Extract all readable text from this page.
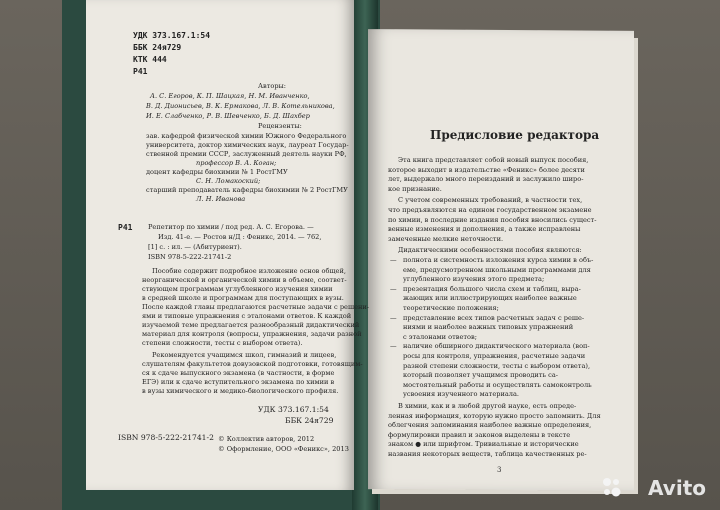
УДК 373.167.1:54
ББК 24я729
КТК 444
Р41
Авторы:
А. С. Егоров, К. П. Шацкая, Н. М. Иванченко,
В. Д. Дионисьев, В. К. Ермакова, Л. В. Котельникова,
И. Е. Слабченко, Р. В. Шевченко, Б. Д. Шахбер
Рецензенты:
зав. кафедрой физической химии Южного Федерального
университета, доктор химических наук, лауреат Государ-
ственной премии СССР, заслуженный деятель науки РФ,
профессор В. А. Коган;
доцент кафедры биохимии № 1 РостГМУ
С. Н. Ломакоский;
старший преподаватель кафедры биохимии № 2 РостГМУ
Л. Н. Иванова
Р41 Репетитор по химии / под ред. А. С. Егорова. —
Изд. 41-е. — Ростов н/Д : Феникс, 2014. — 762,
[1] с. : ил. — (Абитуриент).
ISBN 978-5-222-21741-2
Пособие содержит подробное изложение основ общей,
неорганической и органической химии в объеме, соответ-
ствующем программам углубленного изучения химии
в средней школе и программам для поступающих в вузы.
После каждой главы предлагаются расчетные задачи с решени-
ями и типовые упражнения с эталонами ответов. К каждой
изучаемой теме предлагается разнообразный дидактический
материал для контроля (вопросы, упражнения, задачи разной
степени сложности, тесты с выбором ответа).
Рекомендуется учащимся школ, гимназий и лицеев,
слушателям факультетов довузовской подготовки, готовящим-
ся к сдаче выпускного экзамена (в частности, в форме
ЕГЭ) или к сдаче вступительного экзамена по химии в
в вузы химического и медико-биологического профиля.
УДК 373.167.1:54
ББК 24я729
ISBN 978-5-222-21741-2 © Коллектив авторов, 2012
© Оформление, ООО «Феникс», 2013
Предисловие редактора
Эта книга представляет собой новый выпуск пособия,
которое выходит в издательстве «Феникс» более десяти
лет, выдержало много переизданий и заслужило широ-
кое признание.
С учетом современных требований, в частности тех,
что предъявляются на едином государственном экзамене
по химии, в последние издания пособия вносились сущест-
венные изменения и дополнения, а также исправлены
замеченные мелкие неточности.
Дидактическими особенностями пособия являются:
— полнота и системность изложения курса химии в объ-
еме, предусмотренном школьными программами для
углубленного изучения этого предмета;
— презентация большого числа схем и таблиц, выра-
жающих или иллюстрирующих наиболее важные
теоретические положения;
— представление всех типов расчетных задач с реше-
ниями и наиболее важных типовых упражнений
с эталонами ответов;
— наличие обширного дидактического материала (воп-
росы для контроля, упражнения, расчетные задачи
разной степени сложности, тесты с выбором ответа),
который позволяет учащимся проводить са-
мостоятельный работы и осуществлять самоконтроль
усвоения изученного материала.
В химии, как и в любой другой науке, есть опреде-
ленная информация, которую нужно просто запомнить. Для
облегчения запоминания наиболее важные определения,
формулировки правил и законов выделены в тексте
знаком ● или шрифтом. Тривиальные и исторические
названия некоторых веществ, таблица качественных ре-
3
Avito
